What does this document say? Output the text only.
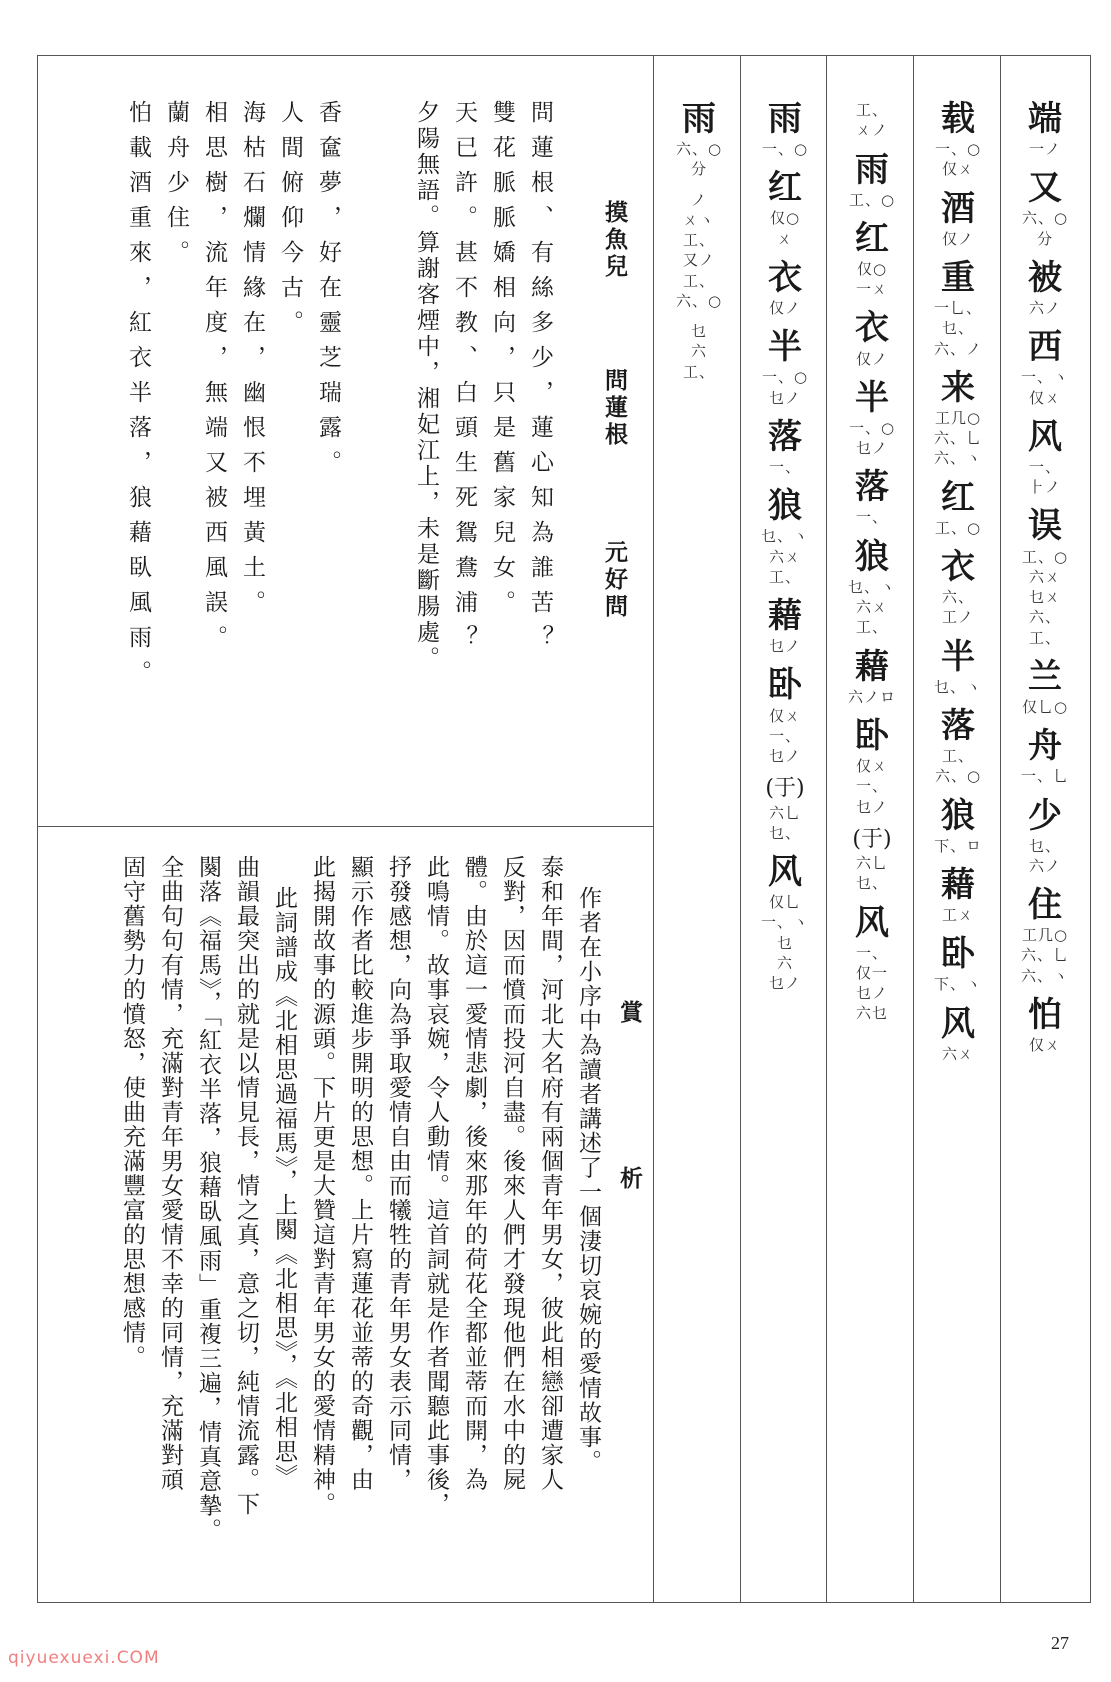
端
一ノ
又
六、○
分
被
六ノ
西
一、ヽ
仅ㄨ
风
一、
⺊ノ
误
工、○
六ㄨ
乜ㄨ
六、
工、
兰
仅乚○
舟
一、乚
少
乜、
六ノ
住
工几○
六、乚
六、ヽ
怕
仅ㄨ
载
一、○
仅ㄨ
酒
仅ノ
重
一乚、
乜、
六、ノ
来
工几○
六、乚
六、ヽ
红
工、○
衣
六、
工ノ
半
乜、ヽ
落
工、
六、○
狼
下、ㅁ
藉
工ㄨ
卧
下、ヽ
风
六ㄨ
工、
ㄨノ
雨
工、○
红
仅○
一ㄨ
衣
仅ノ
半
一、○
乜ノ
落
一、
狼
乜、ヽ
六ㄨ
工、
藉
六ノロ
卧
仅ㄨ
一、
乜ノ
(于)
六乚
乜、
风
一、
仅一
乜ノ
六乜
雨
一、○
红
仅○
ㄨ
衣
仅ノ
半
一、○
乜ノ
落
一、
狼
乜、ヽ
六ㄨ
工、
藉
乜ノ
卧
仅ㄨ
一、
乜ノ
(于)
六乚
乜、
风
仅乚
一、ヽ
乜
六
乜ノ
雨
六、○
分
ノ
ㄨヽ
工、
又ノ
工、
六、○
乜
六
工、
摸魚兒
問蓮根
元好問
問蓮根、有絲多少，蓮心知為誰苦？
雙花脈脈嬌相向，只是舊家兒女。
天已許。甚不教、白頭生死鴛鴦浦？
夕陽無語。算謝客煙中，湘妃江上，未是斷腸處。
香奩夢，好在靈芝瑞露。
人間俯仰今古。
海枯石爛情緣在，幽恨不埋黃土。
相思樹，流年度，無端又被西風誤。
蘭舟少住。
怕載酒重來，紅衣半落，狼藉臥風雨。
賞　析
作者在小序中為讀者講述了一個淒切哀婉的愛情故事。
泰和年間，河北大名府有兩個青年男女，彼此相戀卻遭家人
反對，因而憤而投河自盡。後來人們才發現他們在水中的屍
體。由於這一愛情悲劇，後來那年的荷花全都並蒂而開，為
此鳴情。故事哀婉，令人動情。這首詞就是作者聞聽此事後，
抒發感想，向為爭取愛情自由而犧牲的青年男女表示同情，
顯示作者比較進步開明的思想。上片寫蓮花並蒂的奇觀，由
此揭開故事的源頭。下片更是大贊這對青年男女的愛情精神。
此詞譜成《北相思過福馬》，上闋《北相思》，《北相思》
曲韻最突出的就是以情見長，情之真，意之切，純情流露。下
闋落《福馬》，「紅衣半落，狼藉臥風雨」重複三遍，情真意摯。
全曲句句有情，充滿對青年男女愛情不幸的同情，充滿對頑
固守舊勢力的憤怒，使曲充滿豐富的思想感情。
27
qiyuexuexi.COM
